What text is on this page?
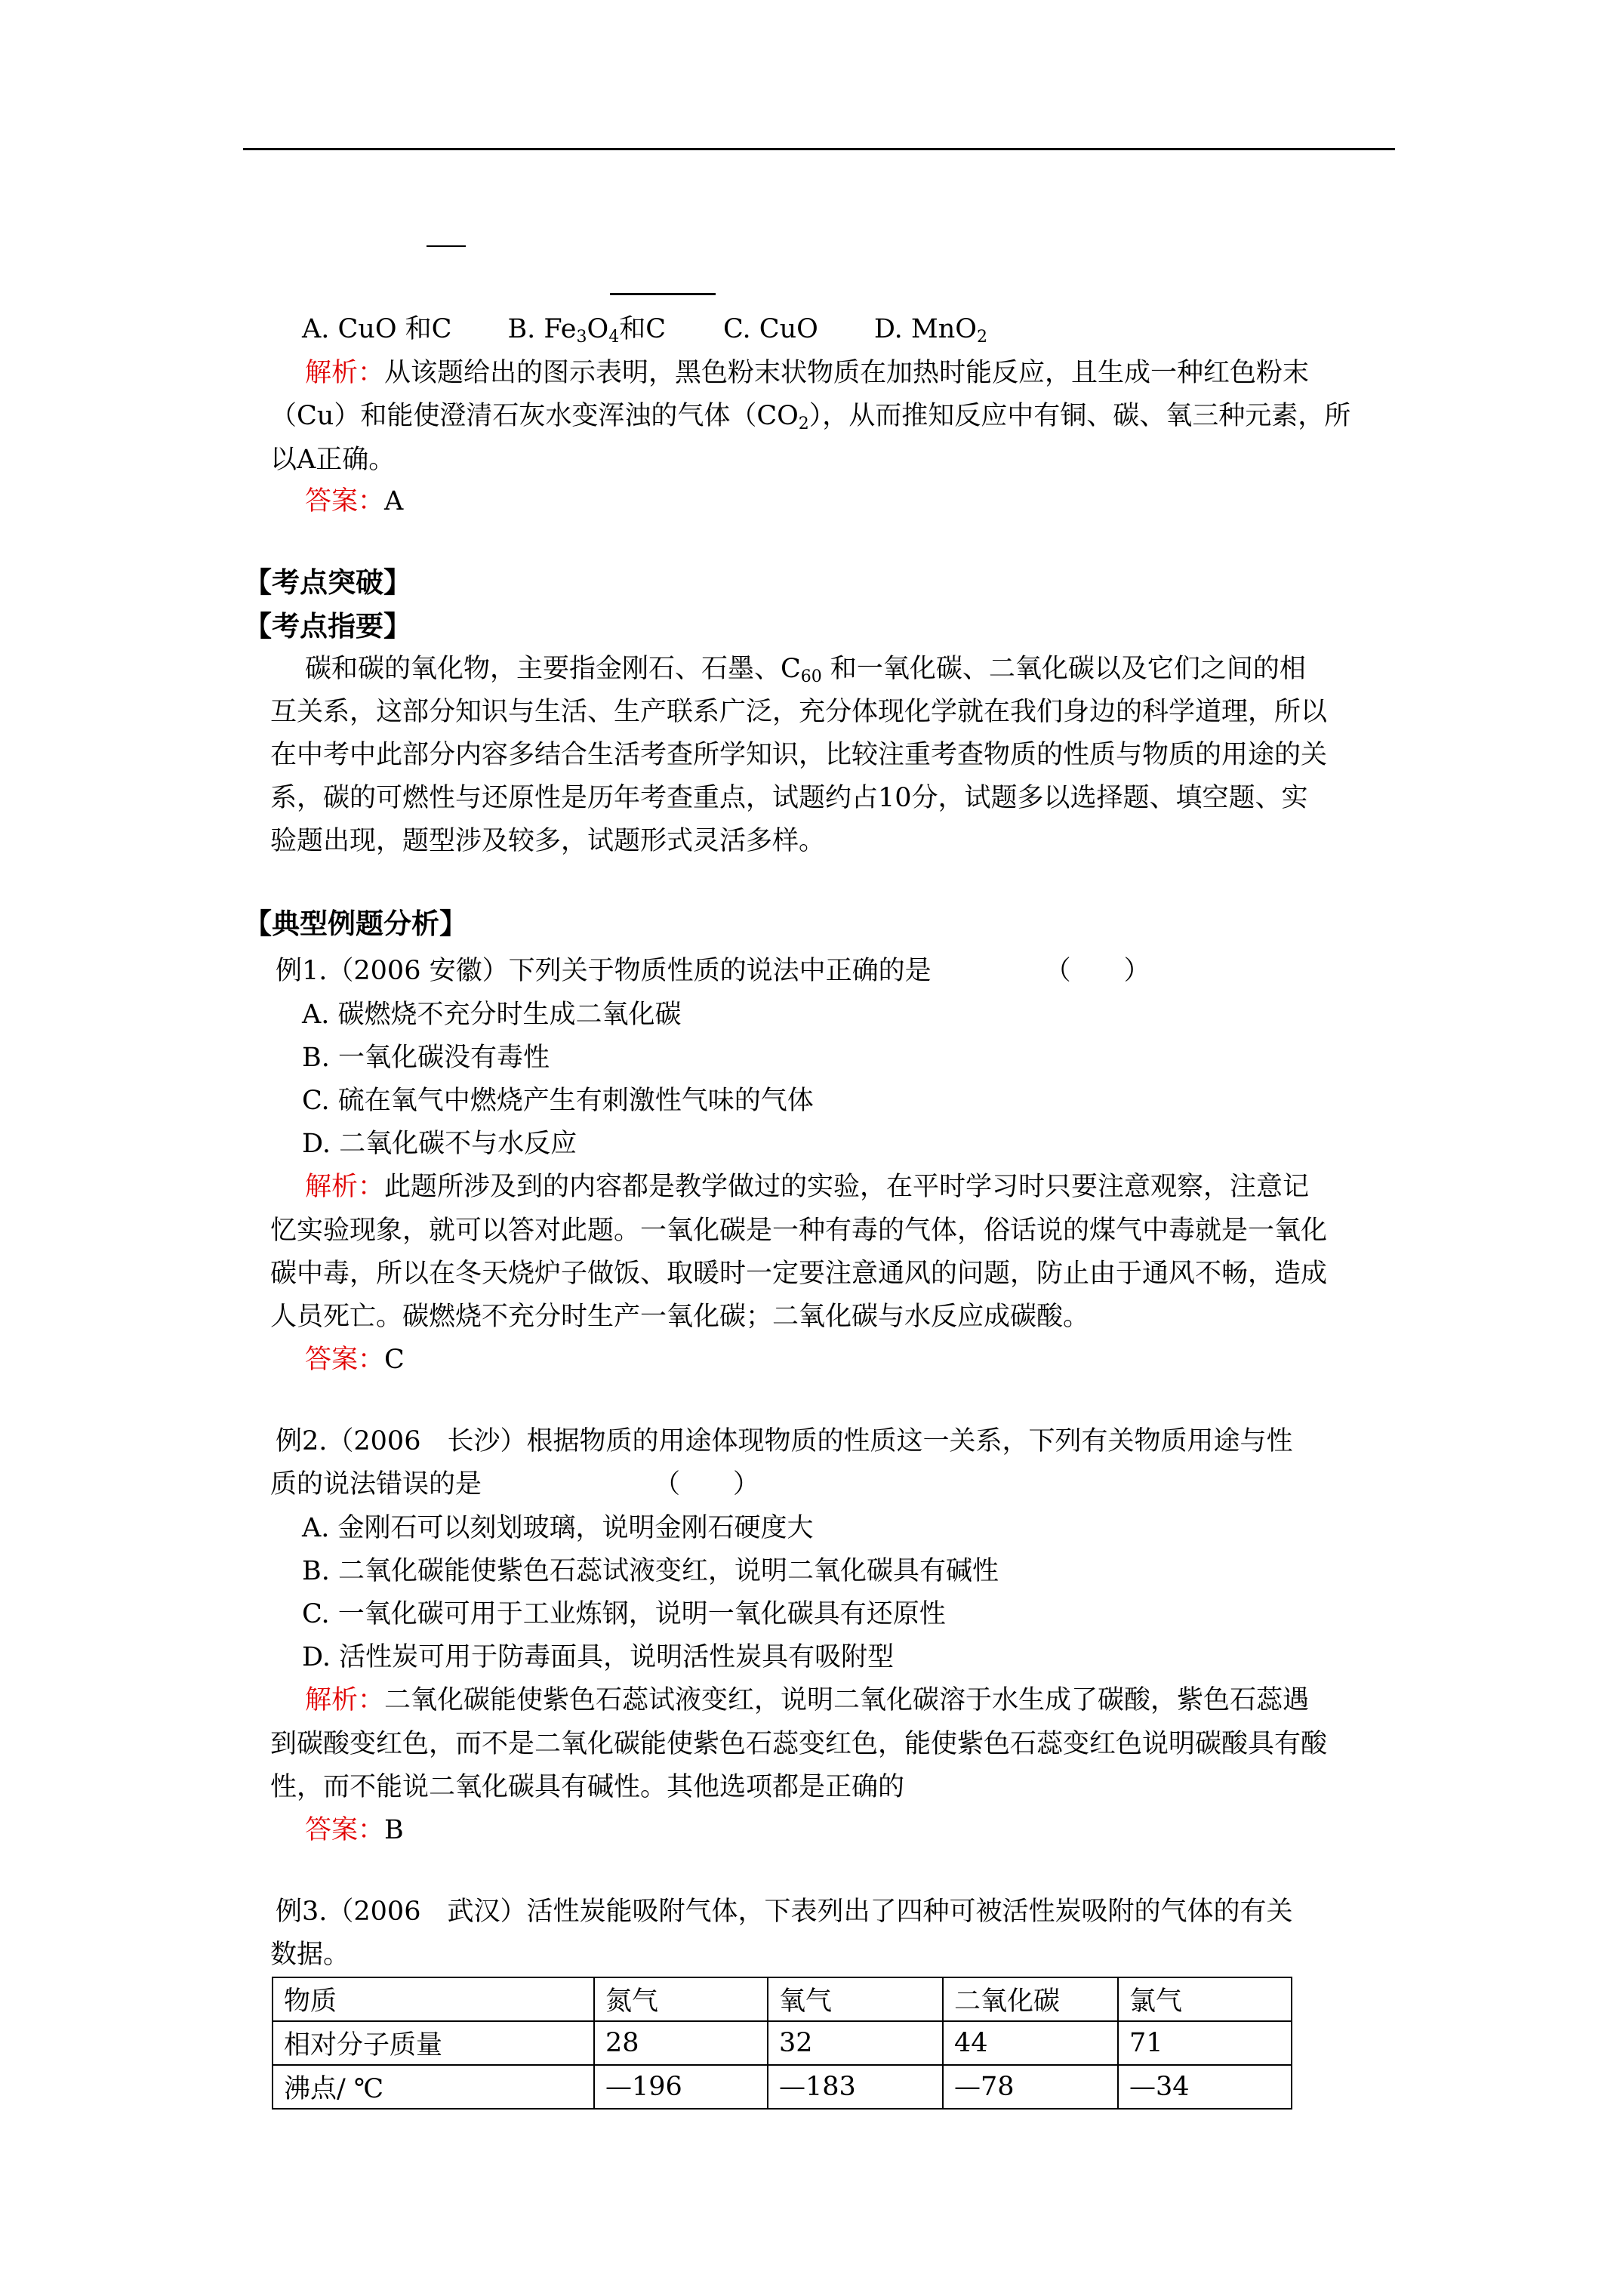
A. CuO 和C B. $Fe_3O_4$和C C. CuO D. MnO$_2$
解析：从该题给出的图示表明，黑色粉末状物质在加热时能反应，且生成一种红色粉末
（Cu）和能使澄清石灰水变浑浊的气体$(CO_2)$，从而推知反应中有铜、碳、氧三种元素，所
以A正确。
答案：A
【考点突破】
【考点指要】
碳和碳的氧化物，主要指金刚石、石墨、$C_{60}$ 和一氧化碳、二氧化碳以及它们之间的相
互关系，这部分知识与生活、生产联系广泛，充分体现化学就在我们身边的科学道理，所以
在中考中此部分内容多结合生活考查所学知识，比较注重考查物质的性质与物质的用途的关
系，碳的可燃性与还原性是历年考查重点，试题约占10分，试题多以选择题、填空题、实
验题出现，题型涉及较多，试题形式灵活多样。
【典型例题分析】
例1.（2006 安徽）下列关于物质性质的说法中正确的是	（　　）
A. 碳燃烧不充分时生成二氧化碳
B. 一氧化碳没有毒性
C. 硫在氧气中燃烧产生有刺激性气味的气体
D. 二氧化碳不与水反应
解析：此题所涉及到的内容都是教学做过的实验，在平时学习时只要注意观察，注意记
忆实验现象，就可以答对此题。一氧化碳是一种有毒的气体，俗话说的煤气中毒就是一氧化
碳中毒，所以在冬天烧炉子做饭、取暖时一定要注意通风的问题，防止由于通风不畅，造成
人员死亡。碳燃烧不充分时生产一氧化碳；二氧化碳与水反应成碳酸。
答案：C
例2.（2006　长沙）根据物质的用途体现物质的性质这一关系，下列有关物质用途与性
质的说法错误的是	（　　）
A. 金刚石可以刻划玻璃，说明金刚石硬度大
B. 二氧化碳能使紫色石蕊试液变红，说明二氧化碳具有碱性
C. 一氧化碳可用于工业炼钢，说明一氧化碳具有还原性
D. 活性炭可用于防毒面具，说明活性炭具有吸附型
解析：二氧化碳能使紫色石蕊试液变红，说明二氧化碳溶于水生成了碳酸，紫色石蕊遇
到碳酸变红色，而不是二氧化碳能使紫色石蕊变红色，能使紫色石蕊变红色说明碳酸具有酸
性，而不能说二氧化碳具有碱性。其他选项都是正确的
答案：B
例3.（2006　武汉）活性炭能吸附气体，下表列出了四种可被活性炭吸附的气体的有关
数据。
物质	氮气	氧气	二氧化碳	氯气
相对分子质量	28	32	44	71
沸点/ ℃	—196	—183	—78	—34
